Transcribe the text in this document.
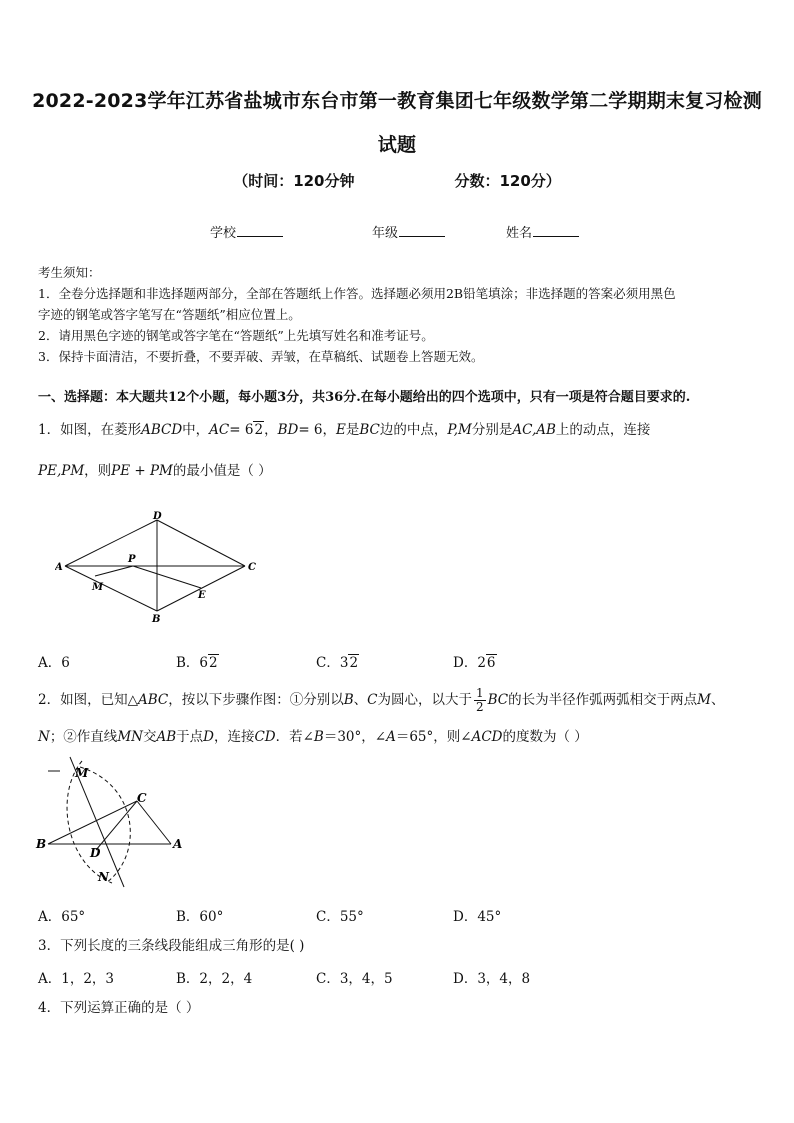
2022-2023学年江苏省盐城市东台市第一教育集团七年级数学第二学期期末复习检测
试题
（时间：120分钟	分数：120分）
学校	年级	姓名
考生须知：
1．全卷分选择题和非选择题两部分，全部在答题纸上作答。选择题必须用2B铅笔填涂；非选择题的答案必须用黑色
字迹的钢笔或答字笔写在“答题纸”相应位置上。
2．请用黑色字迹的钢笔或答字笔在“答题纸”上先填写姓名和准考证号。
3．保持卡面清洁，不要折叠，不要弄破、弄皱，在草稿纸、试题卷上答题无效。
一、选择题：本大题共12个小题，每小题3分，共36分.在每小题给出的四个选项中，只有一项是符合题目要求的.
1．如图，在菱形ABCD中，AC= 62，BD= 6，E是BC边的中点，P,M分别是AC,AB上的动点，连接
PE,PM，则PE + PM的最小值是（ ）
A
D
C
B
P
M
E
A．6	B．62	C．32	D．26
2．如图，已知△ABC，按以下步骤作图：①分别以B、C为圆心，以大于 $\frac{1}{2}$ BC的长为半径作弧两弧相交于两点M、
N；②作直线MN交AB于点D，连接CD．若∠B＝30°，∠A＝65°，则∠ACD的度数为（ ）
M
C
B
D
A
N
A．65°	B．60°	C．55°	D．45°
3．下列长度的三条线段能组成三角形的是( )
A．1，2，3	B．2，2，4	C．3，4，5	D．3，4，8
4．下列运算正确的是（ ）
